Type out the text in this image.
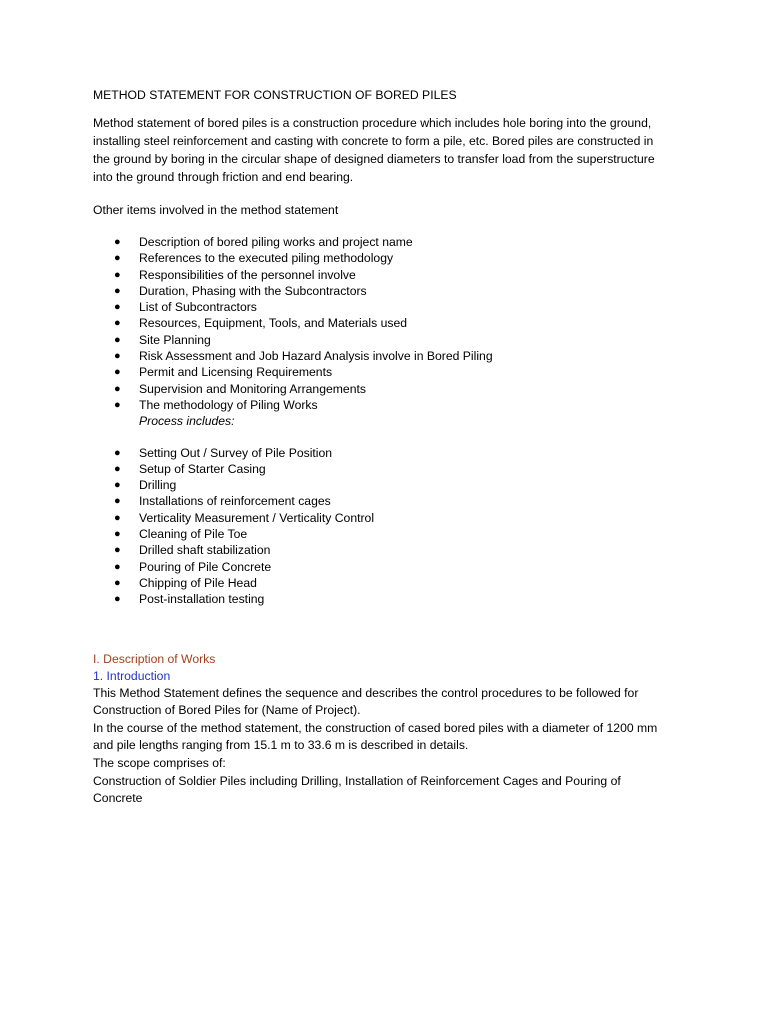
METHOD STATEMENT FOR CONSTRUCTION OF BORED PILES

Method statement of bored piles is a construction procedure which includes hole boring into the ground, installing steel reinforcement and casting with concrete to form a pile, etc. Bored piles are constructed in the ground by boring in the circular shape of designed diameters to transfer load from the superstructure into the ground through friction and end bearing.

Other items involved in the method statement

● Description of bored piling works and project name
● References to the executed piling methodology
● Responsibilities of the personnel involve
● Duration, Phasing with the Subcontractors
● List of Subcontractors
● Resources, Equipment, Tools, and Materials used
● Site Planning
● Risk Assessment and Job Hazard Analysis involve in Bored Piling
● Permit and Licensing Requirements
● Supervision and Monitoring Arrangements
● The methodology of Piling Works
Process includes:
● Setting Out / Survey of Pile Position
● Setup of Starter Casing
● Drilling
● Installations of reinforcement cages
● Verticality Measurement / Verticality Control
● Cleaning of Pile Toe
● Drilled shaft stabilization
● Pouring of Pile Concrete
● Chipping of Pile Head
● Post-installation testing
I. Description of Works
1. Introduction

This Method Statement defines the sequence and describes the control procedures to be followed for Construction of Bored Piles for (Name of Project).

In the course of the method statement, the construction of cased bored piles with a diameter of 1200 mm and pile lengths ranging from 15.1 m to 33.6 m is described in details.

The scope comprises of:

Construction of Soldier Piles including Drilling, Installation of Reinforcement Cages and Pouring of Concrete
